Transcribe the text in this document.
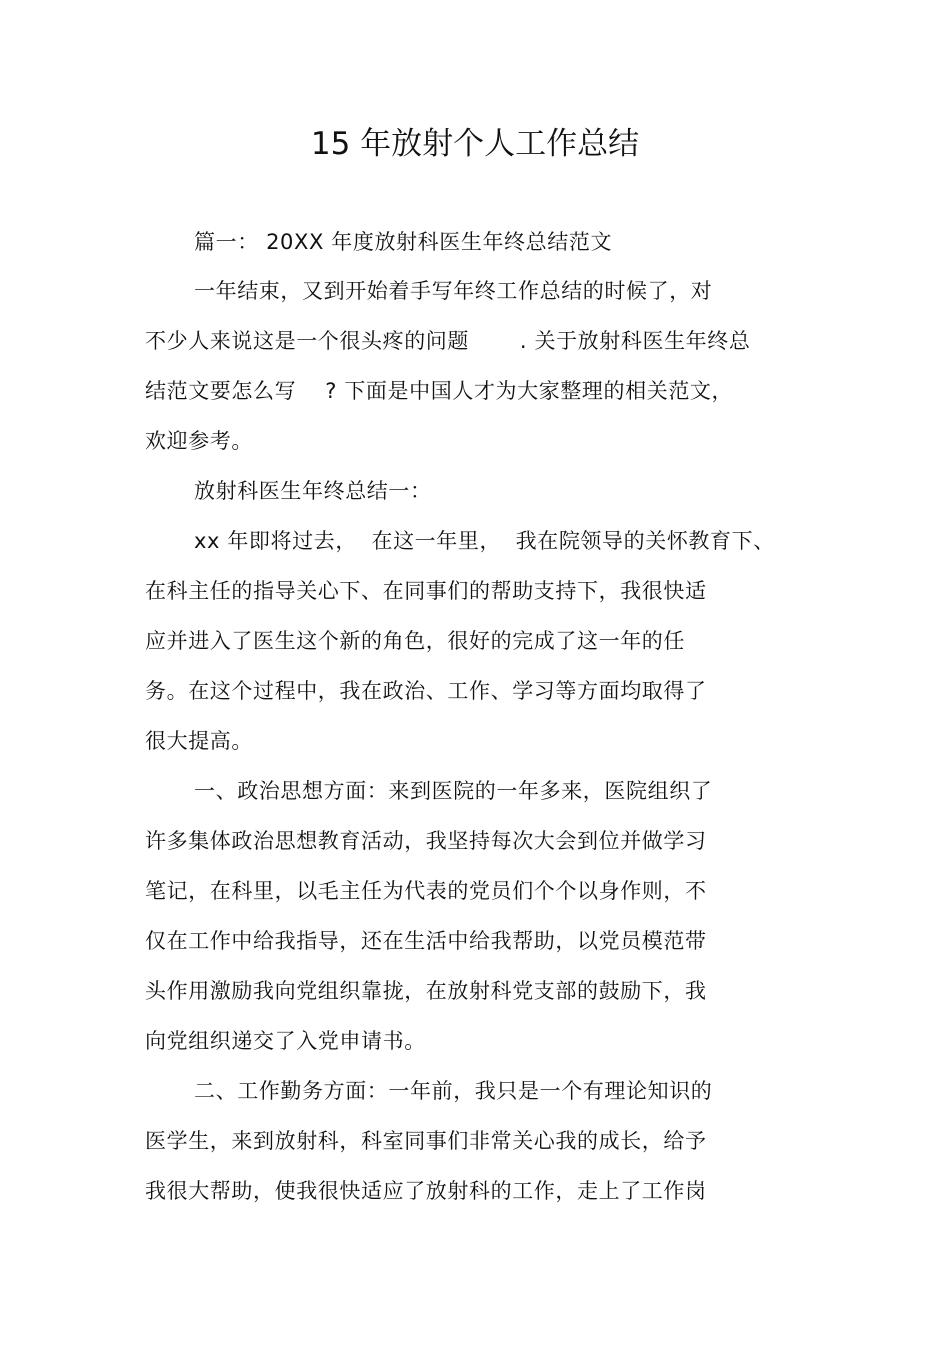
15 年放射个人工作总结
篇一： 20XX 年度放射科医生年终总结范文
一年结束，又到开始着手写年终工作总结的时候了，对
不少人来说这是一个很头疼的问题       . 关于放射科医生年终总
结范文要怎么写    ? 下面是中国人才为大家整理的相关范文，
欢迎参考。
放射科医生年终总结一：
xx 年即将过去，  在这一年里，  我在院领导的关怀教育下、
在科主任的指导关心下、在同事们的帮助支持下，我很快适
应并进入了医生这个新的角色，很好的完成了这一年的任
务。在这个过程中，我在政治、工作、学习等方面均取得了
很大提高。
一、政治思想方面：来到医院的一年多来，医院组织了
许多集体政治思想教育活动，我坚持每次大会到位并做学习
笔记，在科里，以毛主任为代表的党员们个个以身作则，不
仅在工作中给我指导，还在生活中给我帮助，以党员模范带
头作用激励我向党组织靠拢，在放射科党支部的鼓励下，我
向党组织递交了入党申请书。
二、工作勤务方面：一年前，我只是一个有理论知识的
医学生，来到放射科，科室同事们非常关心我的成长，给予
我很大帮助，使我很快适应了放射科的工作，走上了工作岗
